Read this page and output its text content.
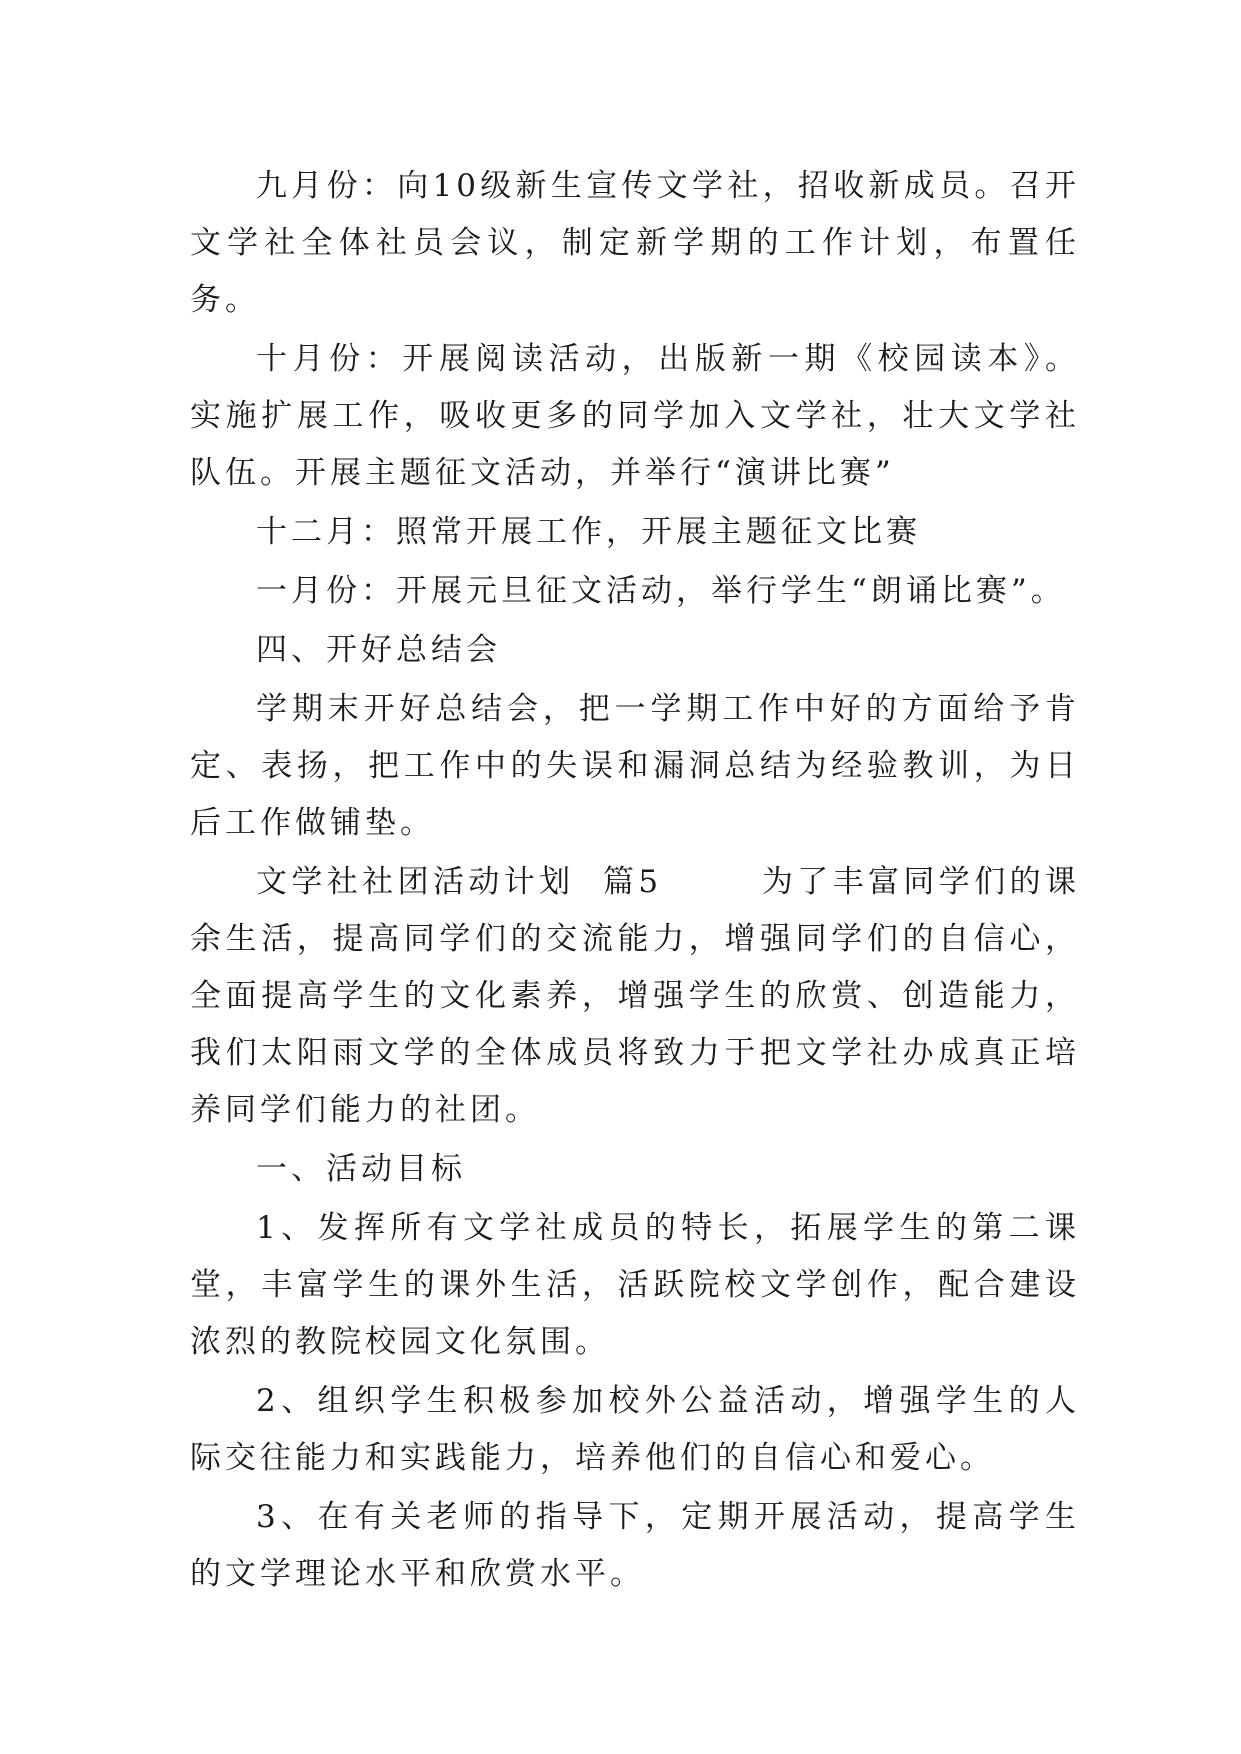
九月份：向10级新生宣传文学社，招收新成员。召开文学社全体社员会议，制定新学期的工作计划，布置任务。

十月份：开展阅读活动，出版新一期《校园读本》。实施扩展工作，吸收更多的同学加入文学社，壮大文学社队伍。开展主题征文活动，并举行“演讲比赛”

十二月：照常开展工作，开展主题征文比赛

一月份：开展元旦征文活动，举行学生“朗诵比赛”。

四、开好总结会

学期末开好总结会，把一学期工作中好的方面给予肯定、表扬，把工作中的失误和漏洞总结为经验教训，为日后工作做铺垫。

文学社社团活动计划  篇5       为了丰富同学们的课余生活，提高同学们的交流能力，增强同学们的自信心，全面提高学生的文化素养，增强学生的欣赏、创造能力，我们太阳雨文学的全体成员将致力于把文学社办成真正培养同学们能力的社团。

一、活动目标

1、发挥所有文学社成员的特长，拓展学生的第二课堂，丰富学生的课外生活，活跃院校文学创作，配合建设浓烈的教院校园文化氛围。

2、组织学生积极参加校外公益活动，增强学生的人际交往能力和实践能力，培养他们的自信心和爱心。

3、在有关老师的指导下，定期开展活动，提高学生的文学理论水平和欣赏水平。
